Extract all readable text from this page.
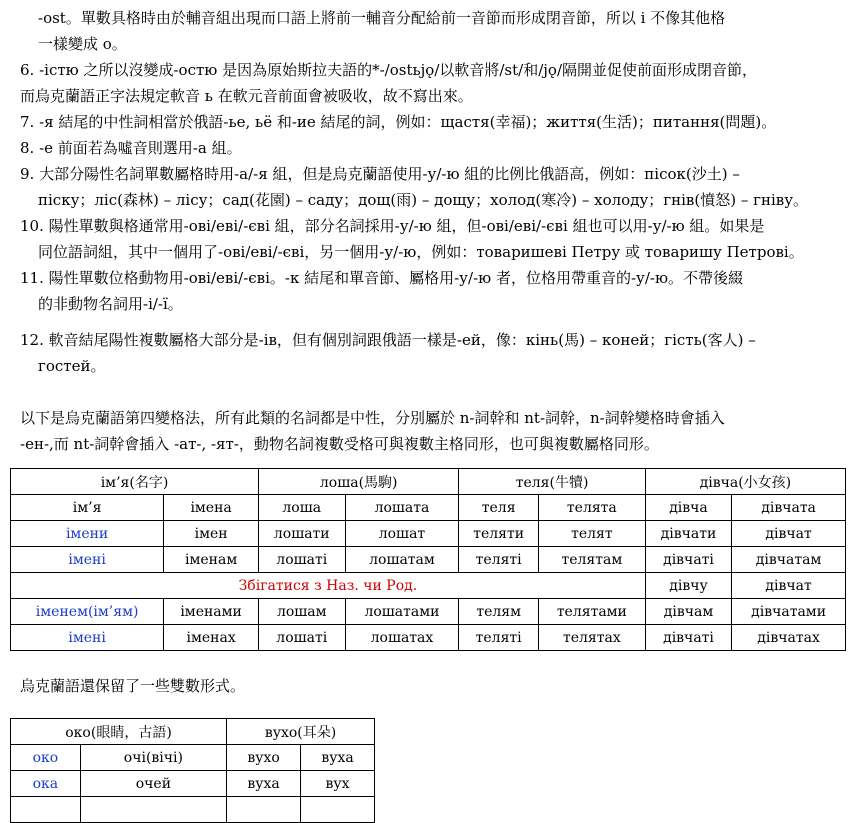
-ost。單數具格時由於輔音組出現而口語上將前一輔音分配給前一音節而形成閉音節，所以 i 不像其他格
一樣變成 o。
6. -істю 之所以沒變成-остю 是因為原始斯拉夫語的*-/ostьjǫ/以軟音將/st/和/jǫ/隔開並促使前面形成閉音節，
而烏克蘭語正字法規定軟音 ь 在軟元音前面會被吸收，故不寫出來。
7. -я 結尾的中性詞相當於俄語-ье, ьё 和-ие 結尾的詞，例如：щастя(幸福)；життя(生活)；питання(問題)。
8. -е 前面若為噓音則選用-а 組。
9. 大部分陽性名詞單數屬格時用-а/-я 組，但是烏克蘭語使用-у/-ю 組的比例比俄語高，例如：пісок(沙土) –
піску；ліс(森林) – лісу；сад(花園) – саду；дощ(雨) – дощу；холод(寒冷) – холоду；гнів(憤怒) – гніву。
10. 陽性單數與格通常用-ові/еві/-єві 組，部分名詞採用-у/-ю 組，但-ові/еві/-єві 組也可以用-у/-ю 組。如果是
同位語詞組，其中一個用了-ові/еві/-єві，另一個用-у/-ю，例如：товаришеві Петру 或 товаришу Петрові。
11. 陽性單數位格動物用-ові/еві/-єві。-к 結尾和單音節、屬格用-у/-ю 者，位格用帶重音的-у/-ю。不帶後綴
的非動物名詞用-і/-ї。
12. 軟音結尾陽性複數屬格大部分是-ів，但有個別詞跟俄語一樣是-ей，像：кінь(馬) – коней；гість(客人) –
гостей。
以下是烏克蘭語第四變格法，所有此類的名詞都是中性，分別屬於 n-詞幹和 nt-詞幹，n-詞幹變格時會插入
-ен-,而 nt-詞幹會插入 -ат-, -ят-，動物名詞複數受格可與複數主格同形，也可與複數屬格同形。
烏克蘭語還保留了一些雙數形式。
ім’я(名字)		лоша(馬駒)		теля(牛犢)		дівча(小女孩)	
ім’я	імена	лоша	лошата	теля	телята	дівча	дівчата
імени	імен	лошати	лошат	теляти	телят	дівчати	дівчат
імені	іменам	лошаті	лошатам	теляті	телятам	дівчаті	дівчатам
Збігатися з Наз. чи Род.						дівчу	дівчат
іменем(ім’ям)	іменами	лошам	лошатами	телям	телятами	дівчам	дівчатами
імені	іменах	лошаті	лошатах	теляті	телятах	дівчаті	дівчатах
око(眼睛，古語)		вухо(耳朵)	
око	очі(вічі)	вухо	вуха
ока	очей	вуха	вух
